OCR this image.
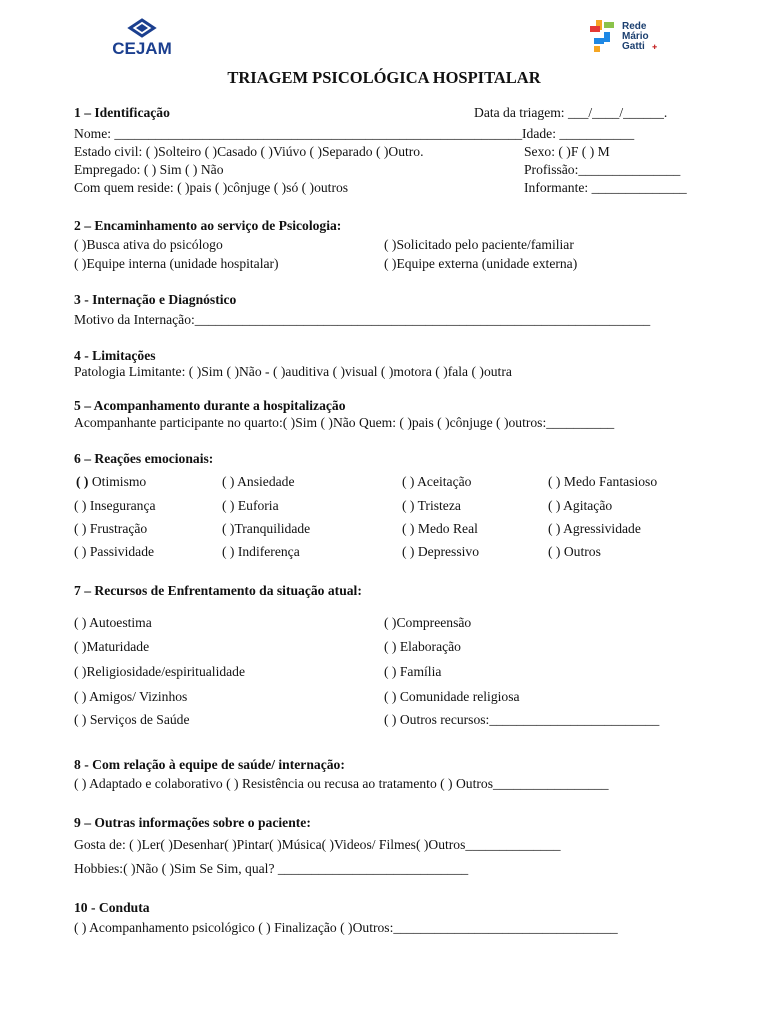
CEJAM
Rede
Mário
Gatti ✚
TRIAGEM PSICOLÓGICA HOSPITALAR
1 – Identificação	Data da triagem: ___/____/______.
Nome: ____________________________________________________________ Idade: ___________
Estado civil: ( )Solteiro ( )Casado ( )Viúvo ( )Separado ( )Outro.	Sexo: ( )F ( ) M
Empregado: ( ) Sim ( ) Não	Profissão:_______________
Com quem reside: ( )pais ( )cônjuge ( )só ( )outros	Informante: ______________
2 – Encaminhamento ao serviço de Psicologia:
( )Busca ativa do psicólogo	( )Solicitado pelo paciente/familiar
( )Equipe interna (unidade hospitalar)	( )Equipe externa (unidade externa)
3 - Internação e Diagnóstico
Motivo da Internação:___________________________________________________________________
4 - Limitações
Patologia Limitante: ( )Sim ( )Não - ( )auditiva ( )visual ( )motora ( )fala ( )outra
5 – Acompanhamento durante a hospitalização
Acompanhante participante no quarto:( )Sim ( )Não Quem: ( )pais ( )cônjuge ( )outros:__________
6 – Reações emocionais:
( ) Otimismo	( ) Ansiedade	( ) Aceitação	( ) Medo Fantasioso
( ) Insegurança	( ) Euforia	( ) Tristeza	( ) Agitação
( ) Frustração	( )Tranquilidade	( ) Medo Real	( ) Agressividade
( ) Passividade	( ) Indiferença	( ) Depressivo	( ) Outros
7 – Recursos de Enfrentamento da situação atual:
( ) Autoestima	( )Compreensão
( )Maturidade	( ) Elaboração
( )Religiosidade/espiritualidade	( ) Família
( ) Amigos/ Vizinhos	( ) Comunidade religiosa
( ) Serviços de Saúde	( ) Outros recursos:_________________________
8 - Com relação à equipe de saúde/ internação:
( ) Adaptado e colaborativo ( ) Resistência ou recusa ao tratamento ( ) Outros_________________
9 – Outras informações sobre o paciente:
Gosta de: ( )Ler( )Desenhar( )Pintar( )Música( )Videos/ Filmes( )Outros______________
Hobbies:( )Não ( )Sim Se Sim, qual? ____________________________
10 - Conduta
( ) Acompanhamento psicológico ( ) Finalização ( )Outros:_________________________________
